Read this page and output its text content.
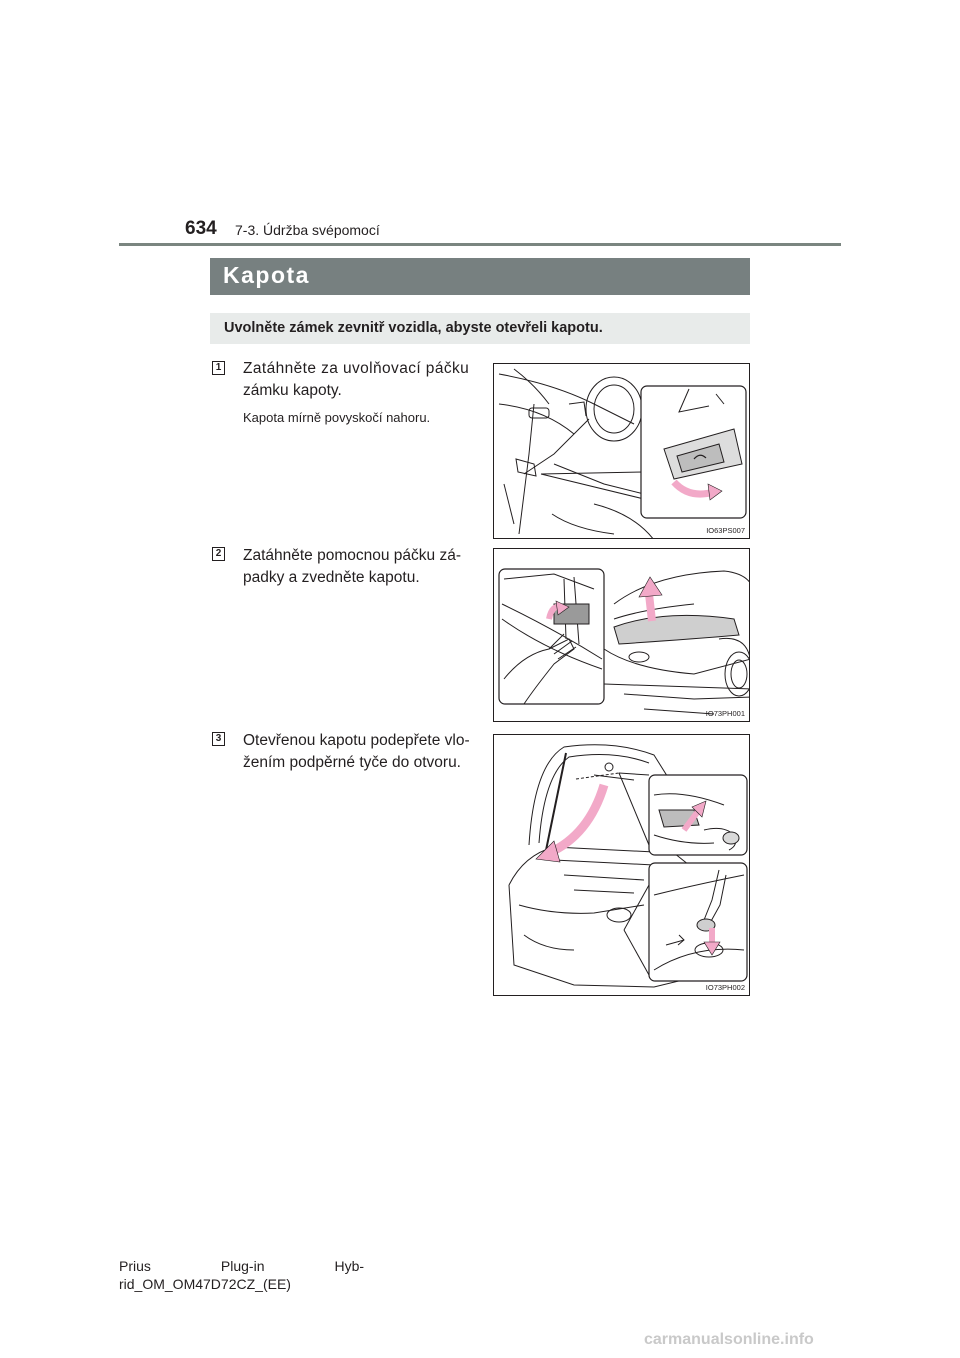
634 7-3. Údržba svépomocí
Kapota
Uvolněte zámek zevnitř vozidla, abyste otevřeli kapotu.
1 Zatáhněte za uvolňovací páčku
zámku kapoty.
Kapota mírně povyskočí nahoru.
IO63PS007
2 Zatáhněte pomocnou páčku zá-
padky a zvedněte kapotu.
IO73PH001
3 Otevřenou kapotu podepřete vlo-
žením podpěrné tyče do otvoru.
IO73PH002
Prius                  Plug-in                  Hyb-
rid_OM_OM47D72CZ_(EE)
carmanualsonline.info
